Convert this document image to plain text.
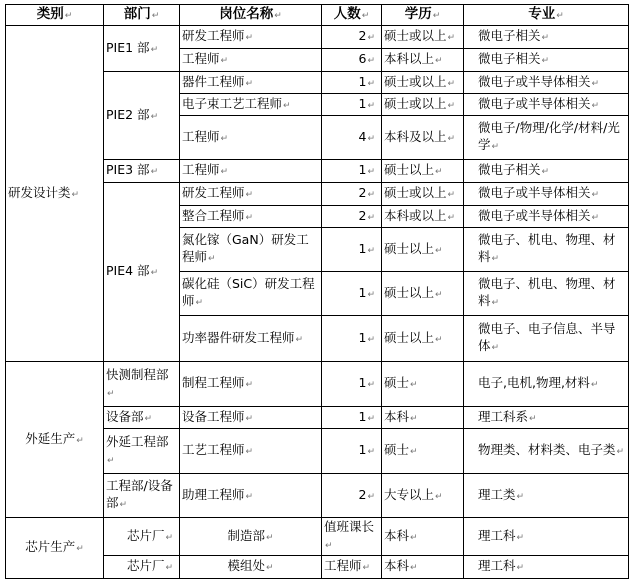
类别↵	部门↵	岗位名称↵	人数↵	学历↵	专业↵
研发设计类↵	PIE1 部↵	研发工程师↵	2↵	硕士或以上↵	微电子相关↵
		工程师↵	6↵	本科以上↵	微电子相关↵
	PIE2 部↵	器件工程师↵	1↵	硕士或以上↵	微电子或半导体相关↵
		电子束工艺工程师↵	1↵	硕士或以上↵	微电子或半导体相关↵
		工程师↵	4↵	本科及以上↵	微电子/物理/化学/材料/光学↵
	PIE3 部↵	工程师↵	1↵	硕士以上↵	微电子相关↵
	PIE4 部↵	研发工程师↵	2↵	硕士或以上↵	微电子或半导体相关↵
		整合工程师↵	2↵	本科或以上↵	微电子或半导体相关↵
		氮化镓（GaN）研发工程师↵	1↵	硕士以上↵	微电子、机电、物理、材料↵
		碳化硅（SiC）研发工程师↵	1↵	硕士以上↵	微电子、机电、物理、材料↵
		功率器件研发工程师↵	1↵	硕士以上↵	微电子、电子信息、半导体↵
外延生产↵	快测制程部↵	制程工程师↵	1↵	硕士↵	电子,电机,物理,材料↵
	设备部↵	设备工程师↵	1↵	本科↵	理工科系↵
	外延工程部↵	工艺工程师↵	1↵	硕士↵	物理类、材料类、电子类↵
	工程部/设备部↵	助理工程师↵	2↵	大专以上↵	理工类↵
芯片生产↵	芯片厂↵	制造部↵	值班课长↵	本科↵	理工科↵
	芯片厂↵	模组处↵	工程师↵	本科↵	理工科↵
